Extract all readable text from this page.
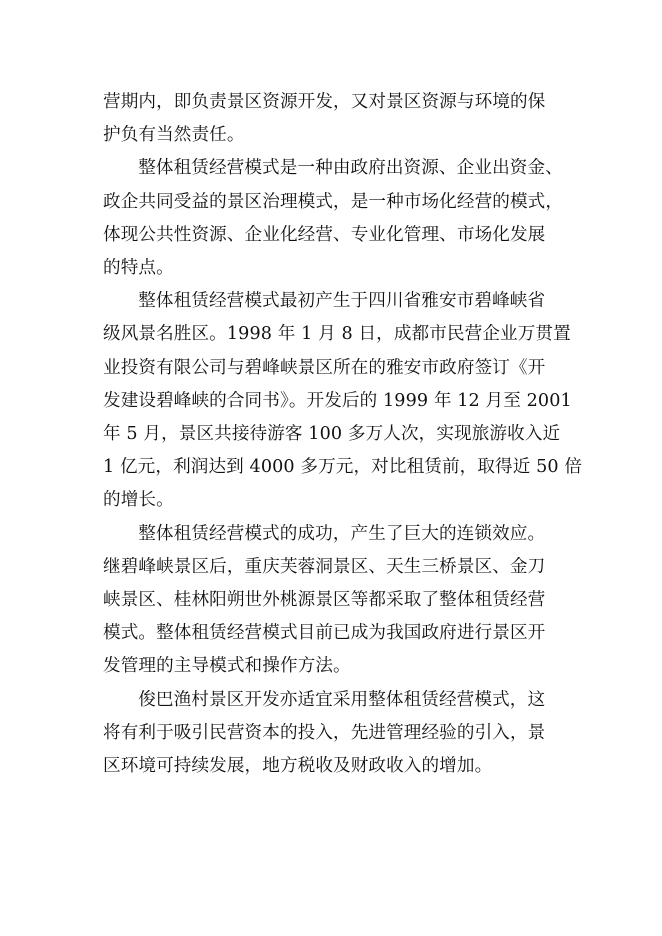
营期内，即负责景区资源开发，又对景区资源与环境的保
护负有当然责任。

整体租赁经营模式是一种由政府出资源、企业出资金、
政企共同受益的景区治理模式，是一种市场化经营的模式，
体现公共性资源、企业化经营、专业化管理、市场化发展
的特点。

整体租赁经营模式最初产生于四川省雅安市碧峰峡省
级风景名胜区。1998 年 1 月 8 日，成都市民营企业万贯置
业投资有限公司与碧峰峡景区所在的雅安市政府签订《开
发建设碧峰峡的合同书》。开发后的 1999 年 12 月至 2001
年 5 月，景区共接待游客 100 多万人次，实现旅游收入近
1 亿元，利润达到 4000 多万元，对比租赁前，取得近 50 倍
的增长。

整体租赁经营模式的成功，产生了巨大的连锁效应。
继碧峰峡景区后，重庆芙蓉洞景区、天生三桥景区、金刀
峡景区、桂林阳朔世外桃源景区等都采取了整体租赁经营
模式。整体租赁经营模式目前已成为我国政府进行景区开
发管理的主导模式和操作方法。

俊巴渔村景区开发亦适宜采用整体租赁经营模式，这
将有利于吸引民营资本的投入，先进管理经验的引入，景
区环境可持续发展，地方税收及财政收入的增加。
